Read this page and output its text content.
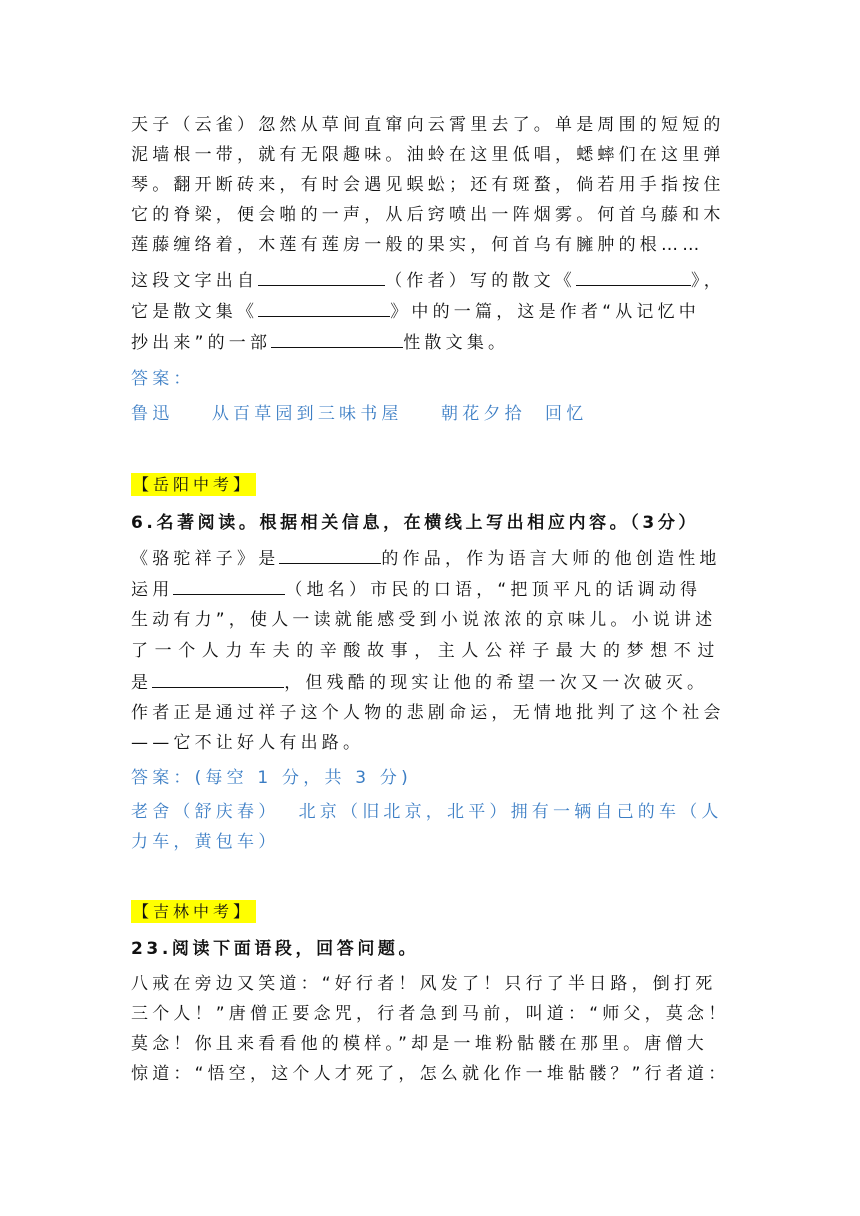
天子（云雀）忽然从草间直窜向云霄里去了。单是周围的短短的
泥墙根一带，就有无限趣味。油蛉在这里低唱，蟋蟀们在这里弹
琴。翻开断砖来，有时会遇见蜈蚣；还有斑蝥，倘若用手指按住
它的脊梁，便会啪的一声，从后窍喷出一阵烟雾。何首乌藤和木
莲藤缠络着，木莲有莲房一般的果实，何首乌有臃肿的根……
这段文字出自	（作者）写的散文《	》，
它是散文集《	》中的一篇，这是作者“从记忆中
抄出来”的一部	性散文集。
答案：
鲁迅    从百草园到三味书屋    朝花夕拾  回忆
【岳阳中考】
6.名著阅读。根据相关信息，在横线上写出相应内容。（3分）
《骆驼祥子》是	的作品，作为语言大师的他创造性地
运用	（地名）市民的口语，“把顶平凡的话调动得
生动有力”，使人一读就能感受到小说浓浓的京味儿。小说讲述
了一个人力车夫的辛酸故事，主人公祥子最大的梦想不过
是	，但残酷的现实让他的希望一次又一次破灭。
作者正是通过祥子这个人物的悲剧命运，无情地批判了这个社会
——它不让好人有出路。
答案：(每空 1 分，共 3 分)
老舍（舒庆春）  北京（旧北京，北平）拥有一辆自己的车（人
力车，黄包车）
【吉林中考】
23.阅读下面语段，回答问题。
八戒在旁边又笑道：“好行者！风发了！只行了半日路，倒打死
三个人！”唐僧正要念咒，行者急到马前，叫道：“师父，莫念！
莫念！你且来看看他的模样。”却是一堆粉骷髅在那里。唐僧大
惊道：“悟空，这个人才死了，怎么就化作一堆骷髅？”行者道：
